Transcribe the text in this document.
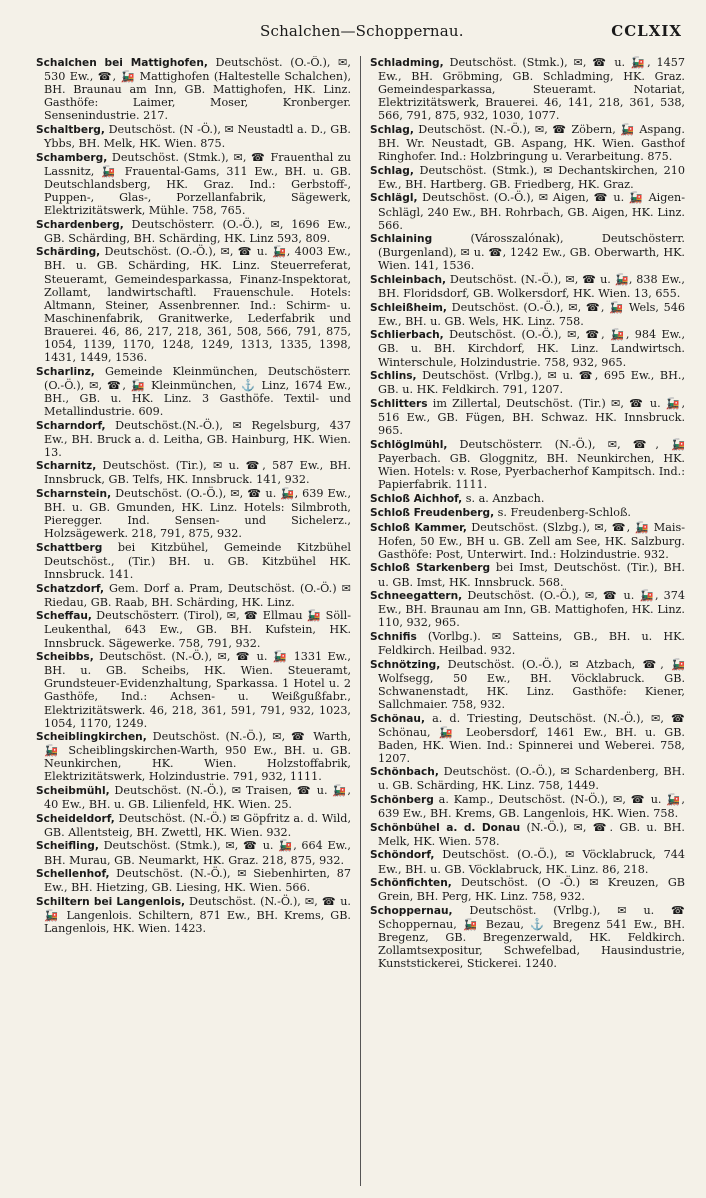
Schalchen—Schoppernau.	CCLXIX

Schalchen bei Mattighofen, Deutschöst. (O.-Ö.), ✉, 530 Ew., ☎, 🚂 Mattighofen (Haltestelle Schalchen), BH. Braunau am Inn, GB. Mattighofen, HK. Linz. Gasthöfe: Laimer, Moser, Kronberger. Sensenindustrie. 217.

Schaltberg, Deutschöst. (N -Ö.), ✉ Neustadtl a. D., GB. Ybbs, BH. Melk, HK. Wien. 875.

Schamberg, Deutschöst. (Stmk.), ✉, ☎ Frauenthal zu Lassnitz, 🚂 Frauental-Gams, 311 Ew., BH. u. GB. Deutschlandsberg, HK. Graz. Ind.: Gerbstoff-, Puppen-, Glas-, Porzellanfabrik, Sägewerk, Elektrizitätswerk, Mühle. 758, 765.

Schardenberg, Deutschösterr. (O.-Ö.), ✉, 1696 Ew., GB. Schärding, BH. Schärding, HK. Linz 593, 809.

Schärding, Deutschöst. (O.-Ö.), ✉, ☎ u. 🚂, 4003 Ew., BH. u. GB. Schärding, HK. Linz. Steuerreferat, Steueramt, Gemeindesparkassa, Finanz-Inspektorat, Zollamt, landwirtschaftl. Frauenschule. Hotels: Altmann, Steiner, Assenbrenner. Ind.: Schirm- u. Maschinenfabrik, Granitwerke, Lederfabrik und Brauerei. 46, 86, 217, 218, 361, 508, 566, 791, 875, 1054, 1139, 1170, 1248, 1249, 1313, 1335, 1398, 1431, 1449, 1536.

Scharlinz, Gemeinde Kleinmünchen, Deutschösterr. (O.-Ö.), ✉, ☎, 🚂 Kleinmünchen, ⚓ Linz, 1674 Ew., BH., GB. u. HK. Linz. 3 Gasthöfe. Textil- und Metallindustrie. 609.

Scharndorf, Deutschöst.(N.-Ö.), ✉ Regelsburg, 437 Ew., BH. Bruck a. d. Leitha, GB. Hainburg, HK. Wien. 13.

Scharnitz, Deutschöst. (Tir.), ✉ u. ☎, 587 Ew., BH. Innsbruck, GB. Telfs, HK. Innsbruck. 141, 932.

Scharnstein, Deutschöst. (O.-Ö.), ✉, ☎ u. 🚂, 639 Ew., BH. u. GB. Gmunden, HK. Linz. Hotels: Silmbroth, Pieregger. Ind. Sensen- und Sichelerz., Holzsägewerk. 218, 791, 875, 932.

Schattberg bei Kitzbühel, Gemeinde Kitzbühel Deutschöst., (Tir.) BH. u. GB. Kitzbühel HK. Innsbruck. 141.

Schatzdorf, Gem. Dorf a. Pram, Deutschöst. (O.-Ö.) ✉ Riedau, GB. Raab, BH. Schärding, HK. Linz.

Scheffau, Deutschösterr. (Tirol), ✉, ☎ Ellmau 🚂 Söll-Leukenthal, 643 Ew., GB. BH. Kufstein, HK. Innsbruck. Sägewerke. 758, 791, 932.

Scheibbs, Deutschöst. (N.-Ö.), ✉, ☎ u. 🚂 1331 Ew., BH. u. GB. Scheibs, HK. Wien. Steueramt, Grundsteuer-Evidenzhaltung, Sparkassa. 1 Hotel u. 2 Gasthöfe, Ind.: Achsen- u. Weißgußfabr., Elektrizitätswerk. 46, 218, 361, 591, 791, 932, 1023, 1054, 1170, 1249.

Scheiblingkirchen, Deutschöst. (N.-Ö.), ✉, ☎ Warth, 🚂 Scheiblingskirchen-Warth, 950 Ew., BH. u. GB. Neunkirchen, HK. Wien. Holzstoffabrik, Elektrizitätswerk, Holzindustrie. 791, 932, 1111.

Scheibmühl, Deutschöst. (N.-Ö.), ✉ Traisen, ☎ u. 🚂, 40 Ew., BH. u. GB. Lilienfeld, HK. Wien. 25.

Scheideldorf, Deutschöst. (N.-Ö.) ✉ Göpfritz a. d. Wild, GB. Allentsteig, BH. Zwettl, HK. Wien. 932.

Scheifling, Deutschöst. (Stmk.), ✉, ☎ u. 🚂, 664 Ew., BH. Murau, GB. Neumarkt, HK. Graz. 218, 875, 932.

Schellenhof, Deutschöst. (N.-Ö.), ✉ Siebenhirten, 87 Ew., BH. Hietzing, GB. Liesing, HK. Wien. 566.

Schiltern bei Langenlois, Deutschöst. (N.-Ö.), ✉, ☎ u. 🚂 Langenlois. Schiltern, 871 Ew., BH. Krems, GB. Langenlois, HK. Wien. 1423.

Schladming, Deutschöst. (Stmk.), ✉, ☎ u. 🚂, 1457 Ew., BH. Gröbming, GB. Schladming, HK. Graz. Gemeindesparkassa, Steueramt. Notariat, Elektrizitätswerk, Brauerei. 46, 141, 218, 361, 538, 566, 791, 875, 932, 1030, 1077.

Schlag, Deutschöst. (N.-Ö.), ✉, ☎ Zöbern, 🚂 Aspang. BH. Wr. Neustadt, GB. Aspang, HK. Wien. Gasthof Ringhofer. Ind.: Holzbringung u. Verarbeitung. 875.

Schlag, Deutschöst. (Stmk.), ✉ Dechantskirchen, 210 Ew., BH. Hartberg. GB. Friedberg, HK. Graz.

Schlägl, Deutschöst. (O.-Ö.), ✉ Aigen, ☎ u. 🚂 Aigen-Schlägl, 240 Ew., BH. Rohrbach, GB. Aigen, HK. Linz. 566.

Schlaining (Városszalónak), Deutschösterr. (Burgenland), ✉ u. ☎, 1242 Ew., GB. Oberwarth, HK. Wien. 141, 1536.

Schleinbach, Deutschöst. (N.-Ö.), ✉, ☎ u. 🚂, 838 Ew., BH. Floridsdorf, GB. Wolkersdorf, HK. Wien. 13, 655.

Schleißheim, Deutschöst. (O.-Ö.), ✉, ☎, 🚂 Wels, 546 Ew., BH. u. GB. Wels, HK. Linz. 758.

Schlierbach, Deutschöst. (O.-Ö.), ✉, ☎, 🚂, 984 Ew., GB. u. BH. Kirchdorf, HK. Linz. Landwirtsch. Winterschule, Holzindustrie. 758, 932, 965.

Schlins, Deutschöst. (Vrlbg.), ✉ u. ☎, 695 Ew., BH., GB. u. HK. Feldkirch. 791, 1207.

Schlitters im Zillertal, Deutschöst. (Tir.) ✉, ☎ u. 🚂, 516 Ew., GB. Fügen, BH. Schwaz. HK. Innsbruck. 965.

Schlöglmühl, Deutschösterr. (N.-Ö.), ✉, ☎, 🚂 Payerbach. GB. Gloggnitz, BH. Neunkirchen, HK. Wien. Hotels: v. Rose, Pyerbacherhof Kampitsch. Ind.: Papierfabrik. 1111.

Schloß Aichhof, s. a. Anzbach.

Schloß Freudenberg, s. Freudenberg-Schloß.

Schloß Kammer, Deutschöst. (Slzbg.), ✉, ☎, 🚂 Mais-Hofen, 50 Ew., BH u. GB. Zell am See, HK. Salzburg. Gasthöfe: Post, Unterwirt. Ind.: Holzindustrie. 932.

Schloß Starkenberg bei Imst, Deutschöst. (Tir.), BH. u. GB. Imst, HK. Innsbruck. 568.

Schneegattern, Deutschöst. (O.-Ö.), ✉, ☎ u. 🚂, 374 Ew., BH. Braunau am Inn, GB. Mattighofen, HK. Linz. 110, 932, 965.

Schnifis (Vorlbg.). ✉ Satteins, GB., BH. u. HK. Feldkirch. Heilbad. 932.

Schnötzing, Deutschöst. (O.-Ö.), ✉ Atzbach, ☎, 🚂 Wolfsegg, 50 Ew., BH. Vöcklabruck. GB. Schwanenstadt, HK. Linz. Gasthöfe: Kiener, Sallchmaier. 758, 932.

Schönau, a. d. Triesting, Deutschöst. (N.-Ö.), ✉, ☎ Schönau, 🚂 Leobersdorf, 1461 Ew., BH. u. GB. Baden, HK. Wien. Ind.: Spinnerei und Weberei. 758, 1207.

Schönbach, Deutschöst. (O.-Ö.), ✉ Schardenberg, BH. u. GB. Schärding, HK. Linz. 758, 1449.

Schönberg a. Kamp., Deutschöst. (N-Ö.), ✉, ☎ u. 🚂, 639 Ew., BH. Krems, GB. Langenlois, HK. Wien. 758.

Schönbühel a. d. Donau (N.-Ö.), ✉, ☎. GB. u. BH. Melk, HK. Wien. 578.

Schöndorf, Deutschöst. (O.-Ö.), ✉ Vöcklabruck, 744 Ew., BH. u. GB. Vöcklabruck, HK. Linz. 86, 218.

Schönfichten, Deutschöst. (O -Ö.) ✉ Kreuzen, GB Grein, BH. Perg, HK. Linz. 758, 932.

Schoppernau, Deutschöst. (Vrlbg.), ✉ u. ☎ Schoppernau, 🚂 Bezau, ⚓ Bregenz 541 Ew., BH. Bregenz, GB. Bregenzerwald, HK. Feldkirch. Zollamtsexpositur, Schwefelbad, Hausindustrie, Kunststickerei, Stickerei. 1240.
